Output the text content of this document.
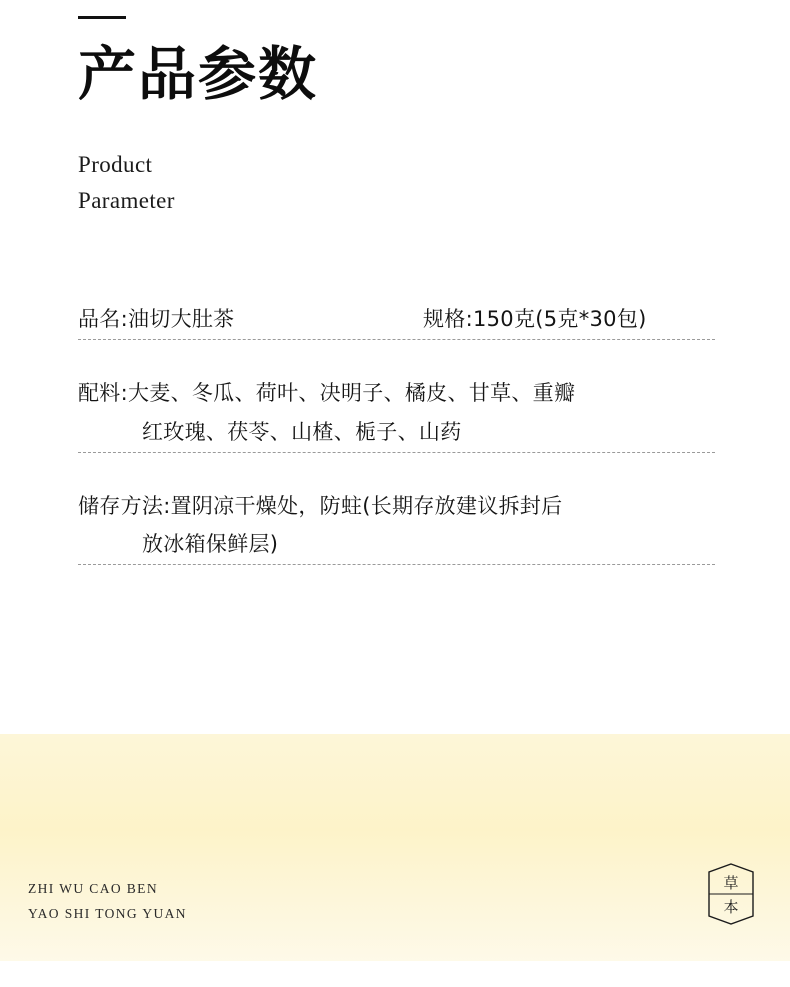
产品参数
Product
Parameter
品名:油切大肚茶	规格:150克(5克*30包)
配料:大麦、冬瓜、荷叶、决明子、橘皮、甘草、重瓣
红玫瑰、茯苓、山楂、栀子、山药
储存方法:置阴凉干燥处，防蛀(长期存放建议拆封后
放冰箱保鲜层)
ZHI WU CAO BEN
YAO SHI TONG YUAN
草
本
